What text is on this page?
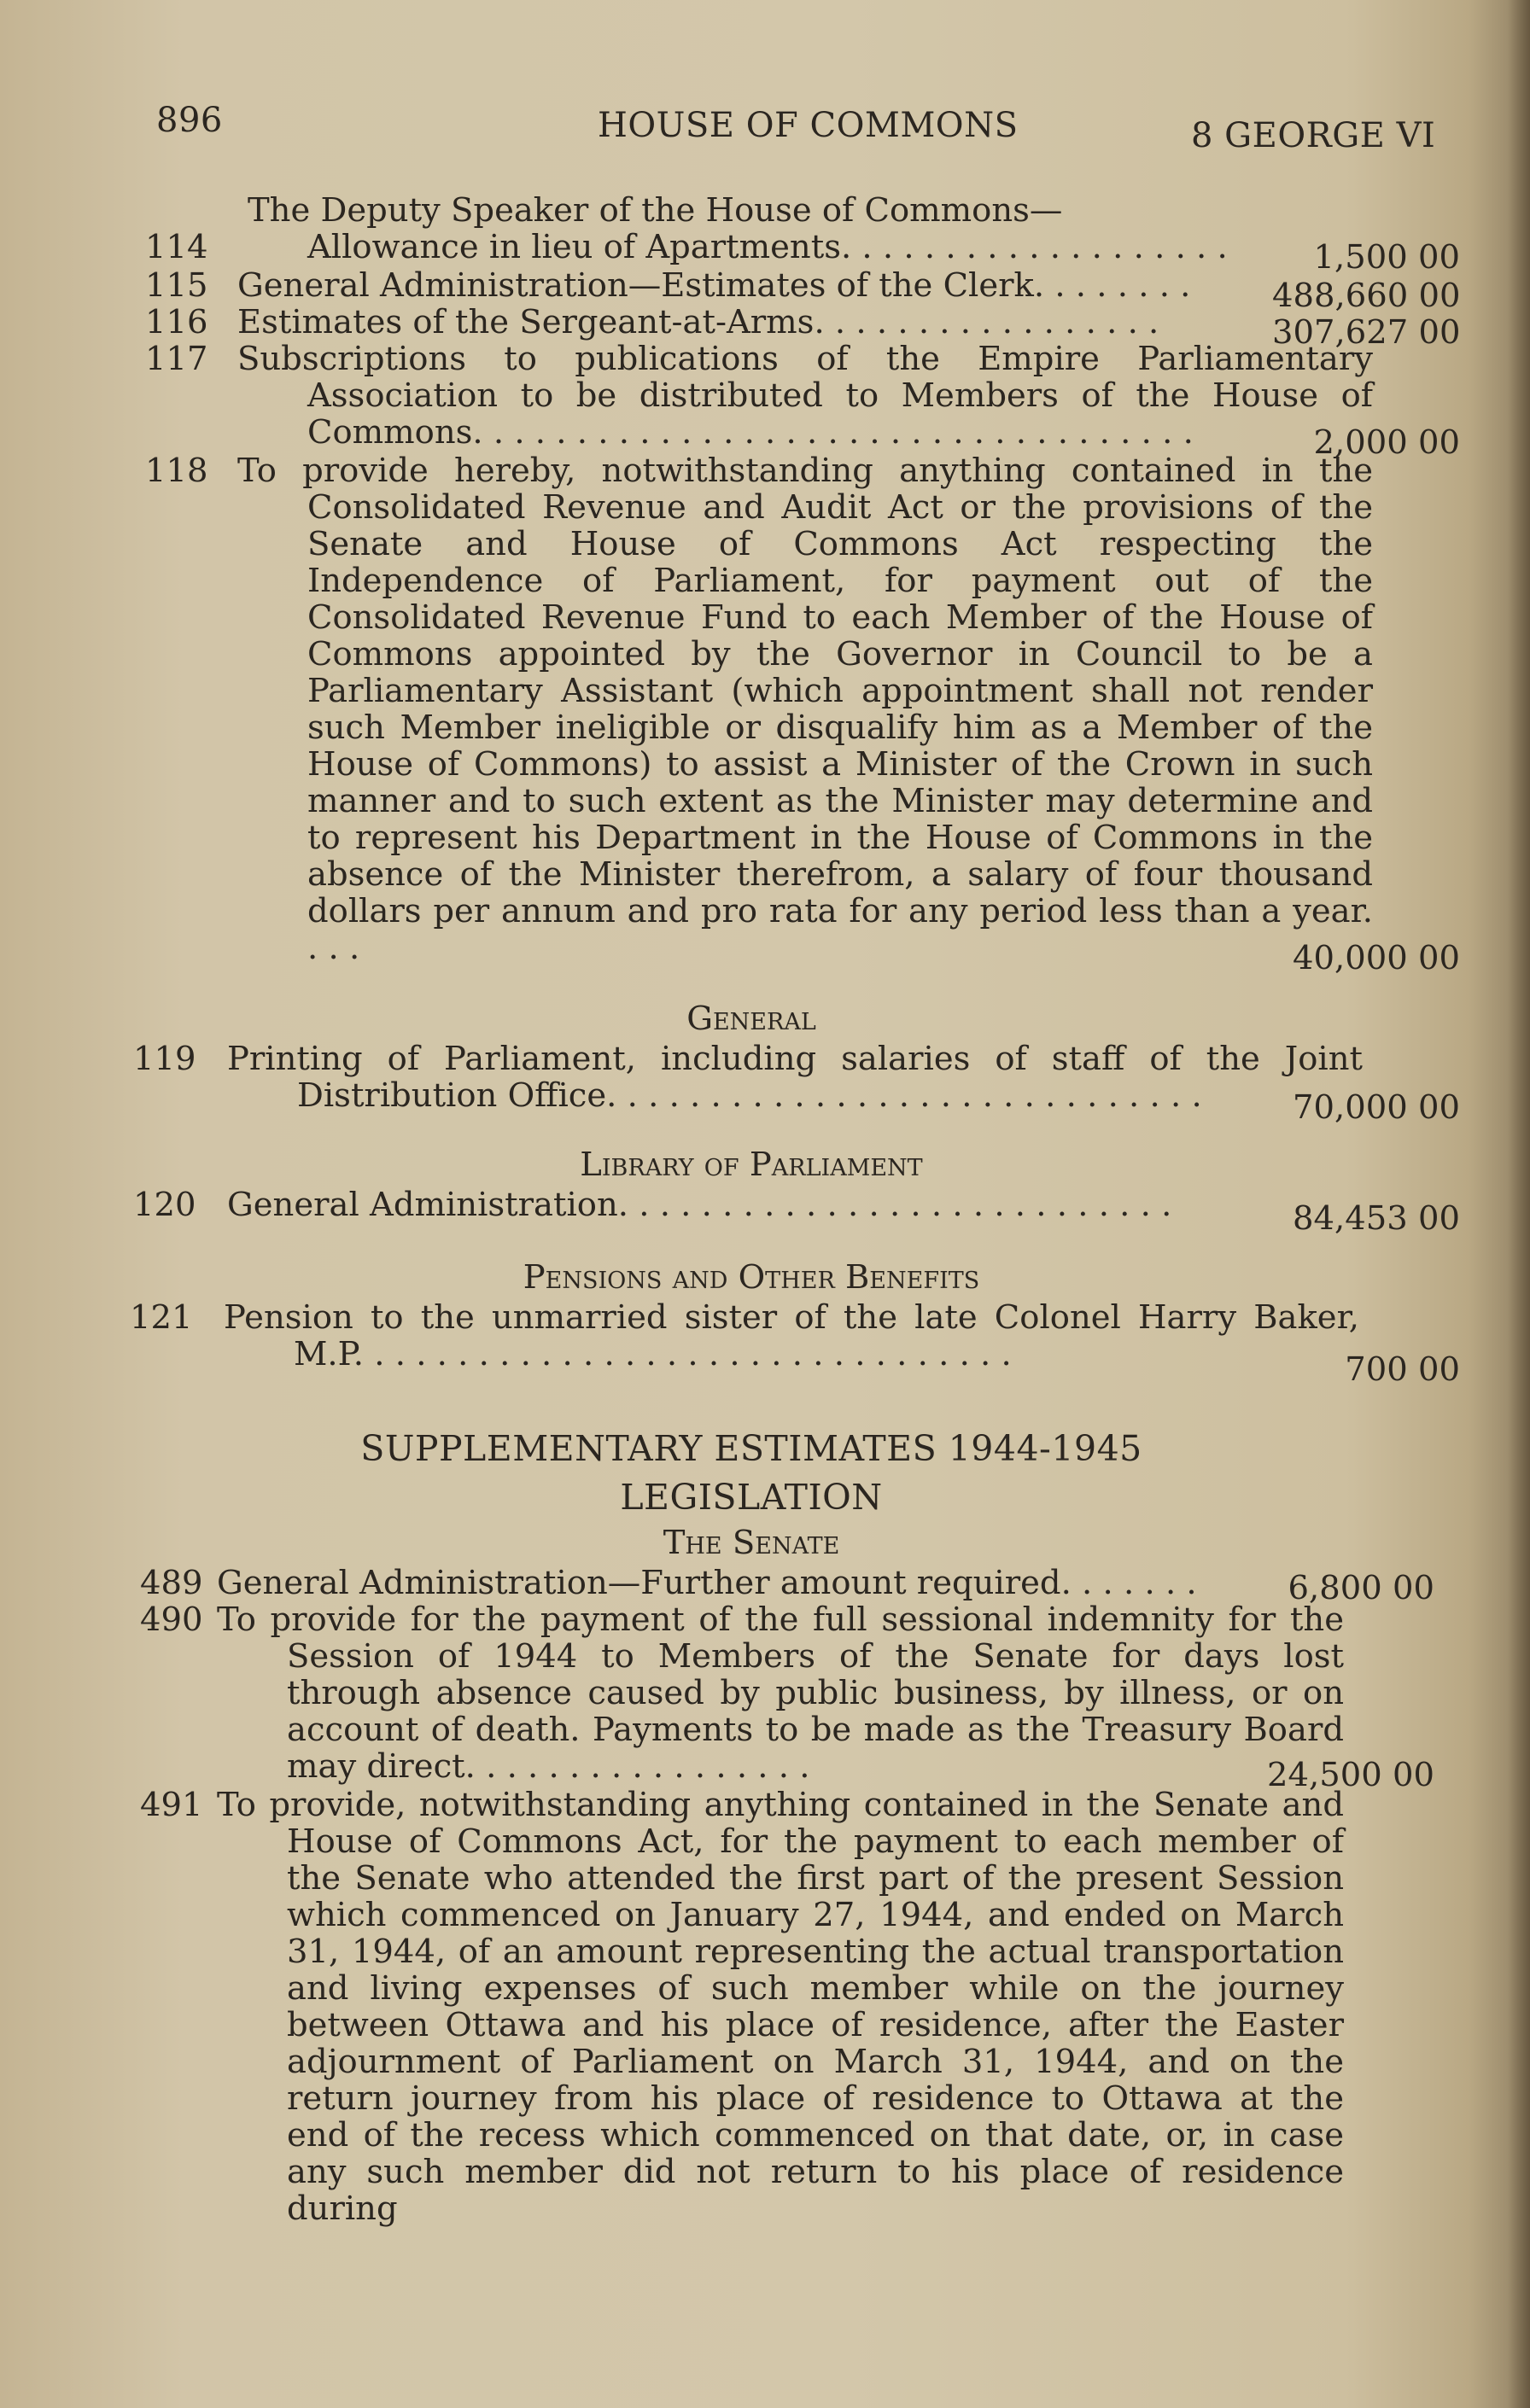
896	HOUSE OF COMMONS	8 GEORGE VI
The Deputy Speaker of the House of Commons—
114	Allowance in lieu of Apartments. . . . . . . . . . . . . . . . . . .	1,500 00
115 General Administration—Estimates of the Clerk. . . . . . . .	488,660 00
116 Estimates of the Sergeant-at-Arms. . . . . . . . . . . . . . . . .	307,627 00
117 Subscriptions to publications of the Empire Parliamentary Association to be distributed to Members of the House of Commons. . . . . . . . . . . . . . . . . . . . . . . . . . . . . . . . . . .	2,000 00
118 To provide hereby, notwithstanding anything contained in the Consolidated Revenue and Audit Act or the provisions of the Senate and House of Commons Act respecting the Independence of Parliament, for payment out of the Consolidated Revenue Fund to each Member of the House of Commons appointed by the Governor in Council to be a Parliamentary Assistant (which appointment shall not render such Member ineligible or disqualify him as a Member of the House of Commons) to assist a Minister of the Crown in such manner and to such extent as the Minister may determine and to represent his Department in the House of Commons in the absence of the Minister therefrom, a salary of four thousand dollars per annum and pro rata for any period less than a year. . . .	40,000 00
General
119 Printing of Parliament, including salaries of staff of the Joint Distribution Office. . . . . . . . . . . . . . . . . . . . . . . . . . . . .	70,000 00
Library of Parliament
120 General Administration. . . . . . . . . . . . . . . . . . . . . . . . . . .	84,453 00
Pensions and Other Benefits
121 Pension to the unmarried sister of the late Colonel Harry Baker, M.P. . . . . . . . . . . . . . . . . . . . . . . . . . . . . . . .	700 00
SUPPLEMENTARY ESTIMATES 1944-1945
LEGISLATION
The Senate
489 General Administration—Further amount required. . . . . . .	6,800 00
490 To provide for the payment of the full sessional indemnity for the Session of 1944 to Members of the Senate for days lost through absence caused by public business, by illness, or on account of death. Payments to be made as the Treasury Board may direct. . . . . . . . . . . . . . . . .	24,500 00
491 To provide, notwithstanding anything contained in the Senate and House of Commons Act, for the payment to each member of the Senate who attended the first part of the present Session which commenced on January 27, 1944, and ended on March 31, 1944, of an amount representing the actual transportation and living expenses of such member while on the journey between Ottawa and his place of residence, after the Easter adjournment of Parliament on March 31, 1944, and on the return journey from his place of residence to Ottawa at the end of the recess which commenced on that date, or, in case any such member did not return to his place of residence during
